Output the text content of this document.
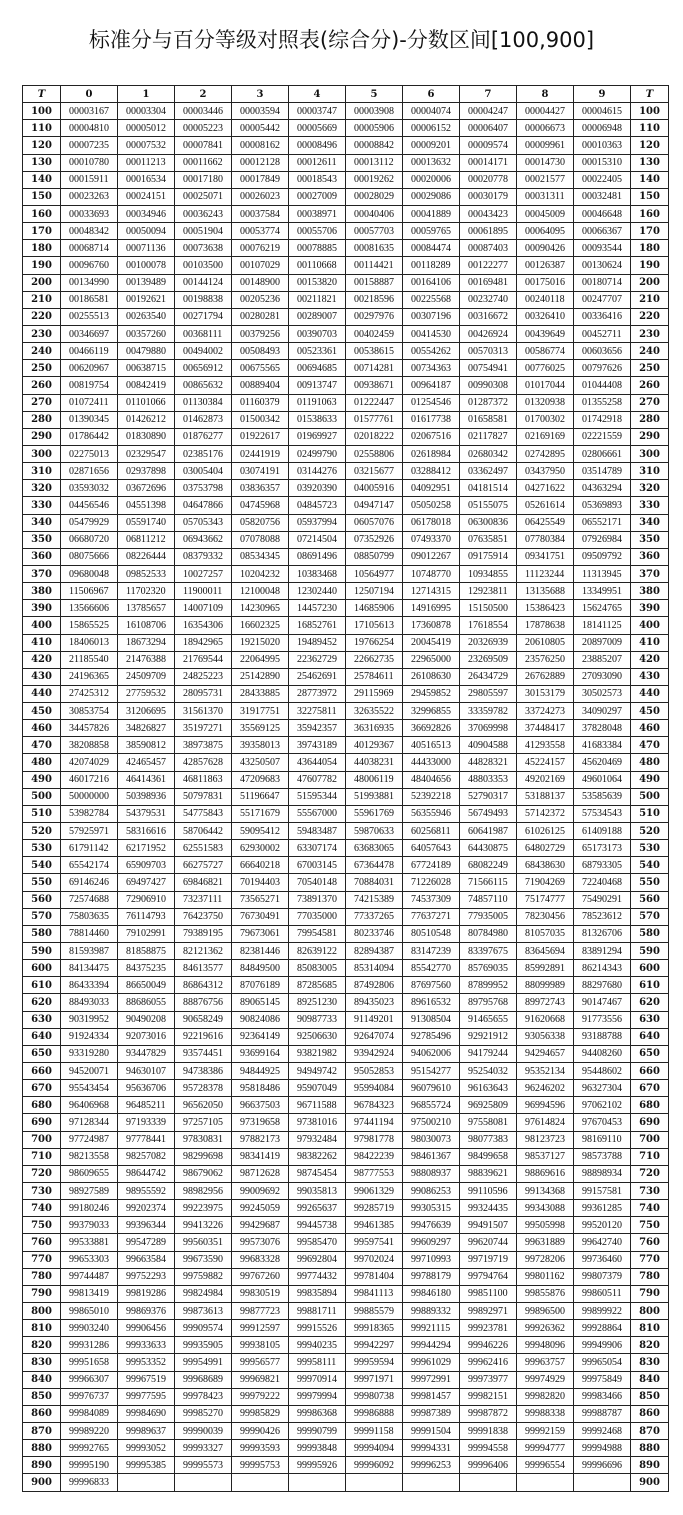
标准分与百分等级对照表(综合分)-分数区间[100,900]
T	0	1	2	3	4	5	6	7	8	9	T
100	00003167	00003304	00003446	00003594	00003747	00003908	00004074	00004247	00004427	00004615	100
110	00004810	00005012	00005223	00005442	00005669	00005906	00006152	00006407	00006673	00006948	110
120	00007235	00007532	00007841	00008162	00008496	00008842	00009201	00009574	00009961	00010363	120
130	00010780	00011213	00011662	00012128	00012611	00013112	00013632	00014171	00014730	00015310	130
140	00015911	00016534	00017180	00017849	00018543	00019262	00020006	00020778	00021577	00022405	140
150	00023263	00024151	00025071	00026023	00027009	00028029	00029086	00030179	00031311	00032481	150
160	00033693	00034946	00036243	00037584	00038971	00040406	00041889	00043423	00045009	00046648	160
170	00048342	00050094	00051904	00053774	00055706	00057703	00059765	00061895	00064095	00066367	170
180	00068714	00071136	00073638	00076219	00078885	00081635	00084474	00087403	00090426	00093544	180
190	00096760	00100078	00103500	00107029	00110668	00114421	00118289	00122277	00126387	00130624	190
200	00134990	00139489	00144124	00148900	00153820	00158887	00164106	00169481	00175016	00180714	200
210	00186581	00192621	00198838	00205236	00211821	00218596	00225568	00232740	00240118	00247707	210
220	00255513	00263540	00271794	00280281	00289007	00297976	00307196	00316672	00326410	00336416	220
230	00346697	00357260	00368111	00379256	00390703	00402459	00414530	00426924	00439649	00452711	230
240	00466119	00479880	00494002	00508493	00523361	00538615	00554262	00570313	00586774	00603656	240
250	00620967	00638715	00656912	00675565	00694685	00714281	00734363	00754941	00776025	00797626	250
260	00819754	00842419	00865632	00889404	00913747	00938671	00964187	00990308	01017044	01044408	260
270	01072411	01101066	01130384	01160379	01191063	01222447	01254546	01287372	01320938	01355258	270
280	01390345	01426212	01462873	01500342	01538633	01577761	01617738	01658581	01700302	01742918	280
290	01786442	01830890	01876277	01922617	01969927	02018222	02067516	02117827	02169169	02221559	290
300	02275013	02329547	02385176	02441919	02499790	02558806	02618984	02680342	02742895	02806661	300
310	02871656	02937898	03005404	03074191	03144276	03215677	03288412	03362497	03437950	03514789	310
320	03593032	03672696	03753798	03836357	03920390	04005916	04092951	04181514	04271622	04363294	320
330	04456546	04551398	04647866	04745968	04845723	04947147	05050258	05155075	05261614	05369893	330
340	05479929	05591740	05705343	05820756	05937994	06057076	06178018	06300836	06425549	06552171	340
350	06680720	06811212	06943662	07078088	07214504	07352926	07493370	07635851	07780384	07926984	350
360	08075666	08226444	08379332	08534345	08691496	08850799	09012267	09175914	09341751	09509792	360
370	09680048	09852533	10027257	10204232	10383468	10564977	10748770	10934855	11123244	11313945	370
380	11506967	11702320	11900011	12100048	12302440	12507194	12714315	12923811	13135688	13349951	380
390	13566606	13785657	14007109	14230965	14457230	14685906	14916995	15150500	15386423	15624765	390
400	15865525	16108706	16354306	16602325	16852761	17105613	17360878	17618554	17878638	18141125	400
410	18406013	18673294	18942965	19215020	19489452	19766254	20045419	20326939	20610805	20897009	410
420	21185540	21476388	21769544	22064995	22362729	22662735	22965000	23269509	23576250	23885207	420
430	24196365	24509709	24825223	25142890	25462691	25784611	26108630	26434729	26762889	27093090	430
440	27425312	27759532	28095731	28433885	28773972	29115969	29459852	29805597	30153179	30502573	440
450	30853754	31206695	31561370	31917751	32275811	32635522	32996855	33359782	33724273	34090297	450
460	34457826	34826827	35197271	35569125	35942357	36316935	36692826	37069998	37448417	37828048	460
470	38208858	38590812	38973875	39358013	39743189	40129367	40516513	40904588	41293558	41683384	470
480	42074029	42465457	42857628	43250507	43644054	44038231	44433000	44828321	45224157	45620469	480
490	46017216	46414361	46811863	47209683	47607782	48006119	48404656	48803353	49202169	49601064	490
500	50000000	50398936	50797831	51196647	51595344	51993881	52392218	52790317	53188137	53585639	500
510	53982784	54379531	54775843	55171679	55567000	55961769	56355946	56749493	57142372	57534543	510
520	57925971	58316616	58706442	59095412	59483487	59870633	60256811	60641987	61026125	61409188	520
530	61791142	62171952	62551583	62930002	63307174	63683065	64057643	64430875	64802729	65173173	530
540	65542174	65909703	66275727	66640218	67003145	67364478	67724189	68082249	68438630	68793305	540
550	69146246	69497427	69846821	70194403	70540148	70884031	71226028	71566115	71904269	72240468	550
560	72574688	72906910	73237111	73565271	73891370	74215389	74537309	74857110	75174777	75490291	560
570	75803635	76114793	76423750	76730491	77035000	77337265	77637271	77935005	78230456	78523612	570
580	78814460	79102991	79389195	79673061	79954581	80233746	80510548	80784980	81057035	81326706	580
590	81593987	81858875	82121362	82381446	82639122	82894387	83147239	83397675	83645694	83891294	590
600	84134475	84375235	84613577	84849500	85083005	85314094	85542770	85769035	85992891	86214343	600
610	86433394	86650049	86864312	87076189	87285685	87492806	87697560	87899952	88099989	88297680	610
620	88493033	88686055	88876756	89065145	89251230	89435023	89616532	89795768	89972743	90147467	620
630	90319952	90490208	90658249	90824086	90987733	91149201	91308504	91465655	91620668	91773556	630
640	91924334	92073016	92219616	92364149	92506630	92647074	92785496	92921912	93056338	93188788	640
650	93319280	93447829	93574451	93699164	93821982	93942924	94062006	94179244	94294657	94408260	650
660	94520071	94630107	94738386	94844925	94949742	95052853	95154277	95254032	95352134	95448602	660
670	95543454	95636706	95728378	95818486	95907049	95994084	96079610	96163643	96246202	96327304	670
680	96406968	96485211	96562050	96637503	96711588	96784323	96855724	96925809	96994596	97062102	680
690	97128344	97193339	97257105	97319658	97381016	97441194	97500210	97558081	97614824	97670453	690
700	97724987	97778441	97830831	97882173	97932484	97981778	98030073	98077383	98123723	98169110	700
710	98213558	98257082	98299698	98341419	98382262	98422239	98461367	98499658	98537127	98573788	710
720	98609655	98644742	98679062	98712628	98745454	98777553	98808937	98839621	98869616	98898934	720
730	98927589	98955592	98982956	99009692	99035813	99061329	99086253	99110596	99134368	99157581	730
740	99180246	99202374	99223975	99245059	99265637	99285719	99305315	99324435	99343088	99361285	740
750	99379033	99396344	99413226	99429687	99445738	99461385	99476639	99491507	99505998	99520120	750
760	99533881	99547289	99560351	99573076	99585470	99597541	99609297	99620744	99631889	99642740	760
770	99653303	99663584	99673590	99683328	99692804	99702024	99710993	99719719	99728206	99736460	770
780	99744487	99752293	99759882	99767260	99774432	99781404	99788179	99794764	99801162	99807379	780
790	99813419	99819286	99824984	99830519	99835894	99841113	99846180	99851100	99855876	99860511	790
800	99865010	99869376	99873613	99877723	99881711	99885579	99889332	99892971	99896500	99899922	800
810	99903240	99906456	99909574	99912597	99915526	99918365	99921115	99923781	99926362	99928864	810
820	99931286	99933633	99935905	99938105	99940235	99942297	99944294	99946226	99948096	99949906	820
830	99951658	99953352	99954991	99956577	99958111	99959594	99961029	99962416	99963757	99965054	830
840	99966307	99967519	99968689	99969821	99970914	99971971	99972991	99973977	99974929	99975849	840
850	99976737	99977595	99978423	99979222	99979994	99980738	99981457	99982151	99982820	99983466	850
860	99984089	99984690	99985270	99985829	99986368	99986888	99987389	99987872	99988338	99988787	860
870	99989220	99989637	99990039	99990426	99990799	99991158	99991504	99991838	99992159	99992468	870
880	99992765	99993052	99993327	99993593	99993848	99994094	99994331	99994558	99994777	99994988	880
890	99995190	99995385	99995573	99995753	99995926	99996092	99996253	99996406	99996554	99996696	890
900	99996833										900
